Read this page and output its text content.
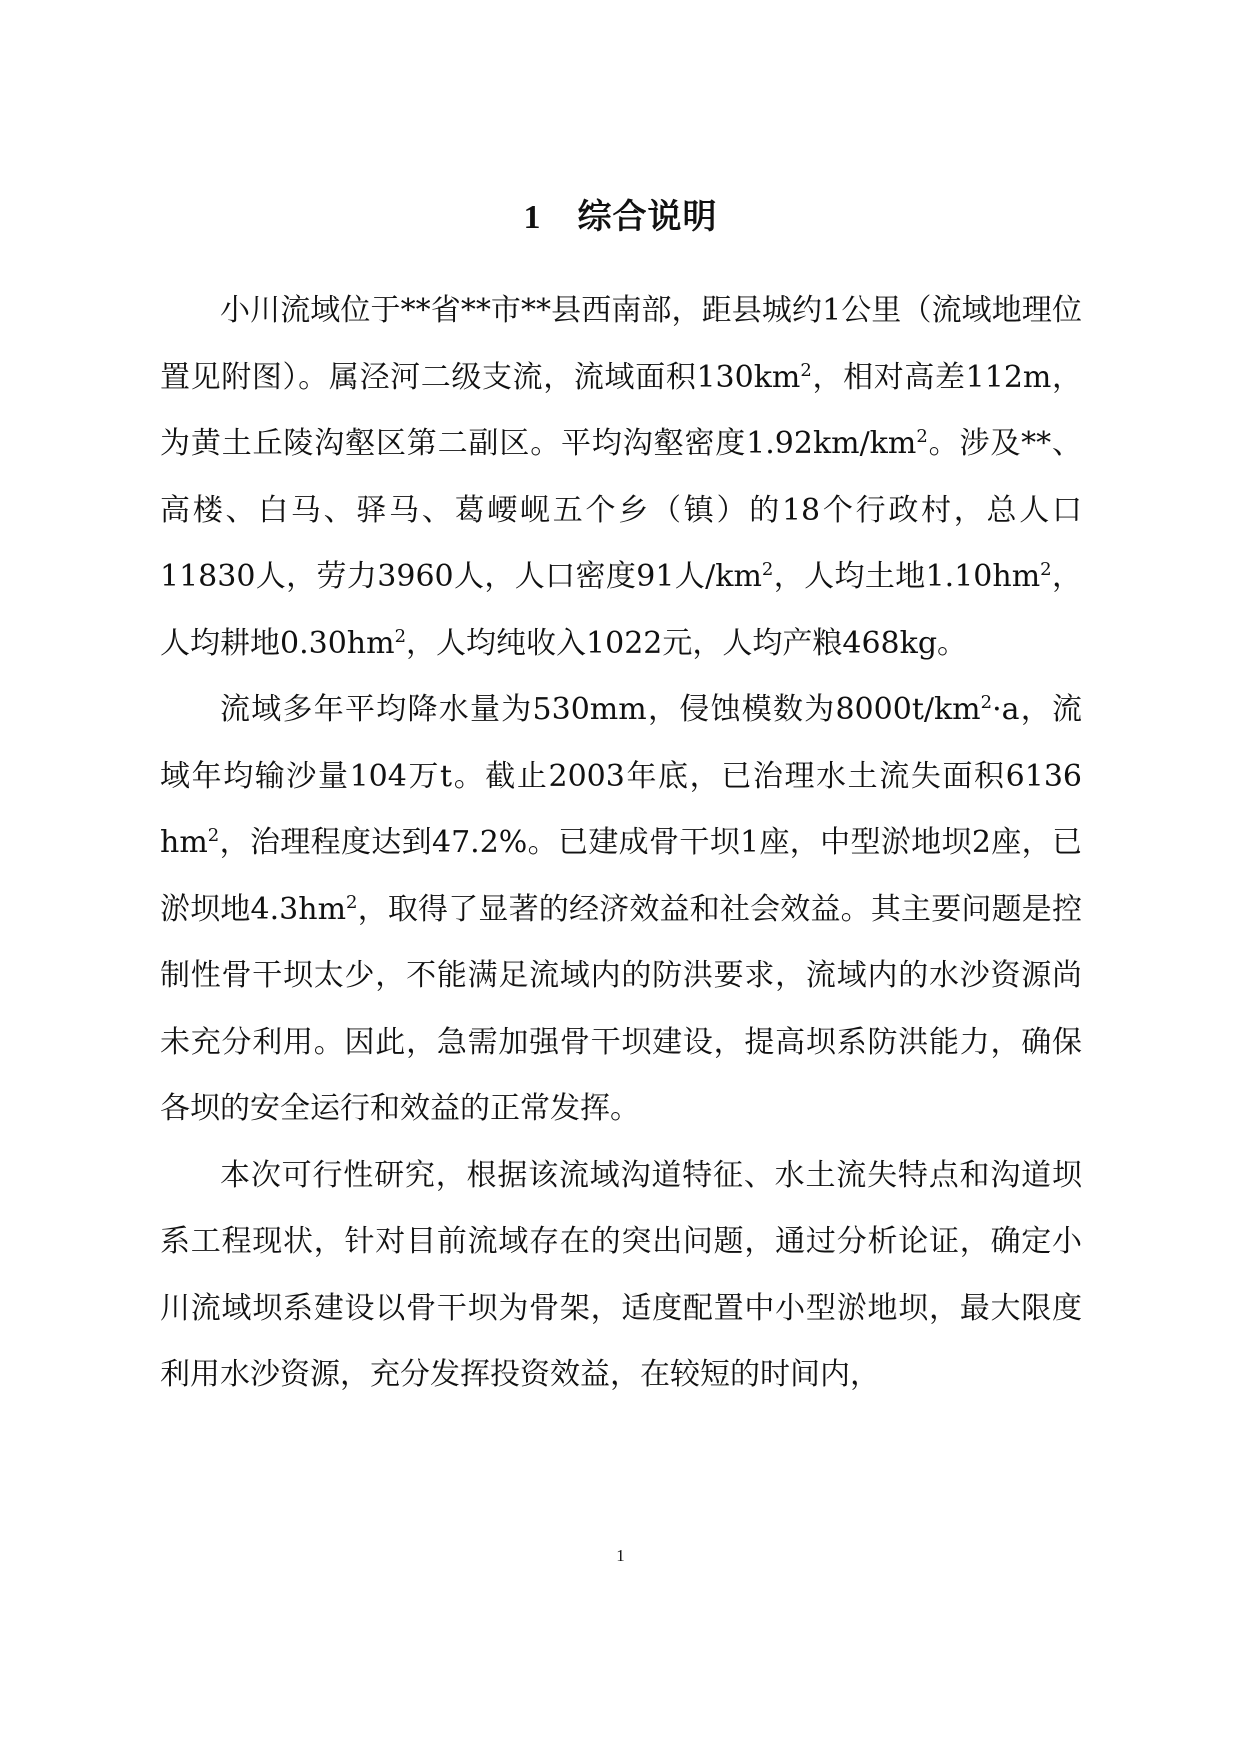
1 综合说明

小川流域位于**省**市**县西南部，距县城约1公里（流域地理位置见附图）。属泾河二级支流，流域面积$130km^2$，相对高差112m，为黄土丘陵沟壑区第二副区。平均沟壑密度$1.92km/km^2$。涉及**、高楼、白马、驿马、葛崾岘五个乡（镇）的18个行政村，总人口11830人，劳力3960人，人口密度91人$/km^2$，人均土地$1.10hm^2$，人均耕地$0.30hm^2$，人均纯收入1022元，人均产粮468kg。

流域多年平均降水量为530mm，侵蚀模数为$8000t/km^2\cdot a$，流域年均输沙量104万t。截止2003年底，已治理水土流失面积6136 $hm^2$，治理程度达到47.2%。已建成骨干坝1座，中型淤地坝2座，已淤坝地$4.3hm^2$，取得了显著的经济效益和社会效益。其主要问题是控制性骨干坝太少，不能满足流域内的防洪要求，流域内的水沙资源尚未充分利用。因此，急需加强骨干坝建设，提高坝系防洪能力，确保各坝的安全运行和效益的正常发挥。

本次可行性研究，根据该流域沟道特征、水土流失特点和沟道坝系工程现状，针对目前流域存在的突出问题，通过分析论证，确定小川流域坝系建设以骨干坝为骨架，适度配置中小型淤地坝，最大限度利用水沙资源，充分发挥投资效益，在较短的时间内，

1
